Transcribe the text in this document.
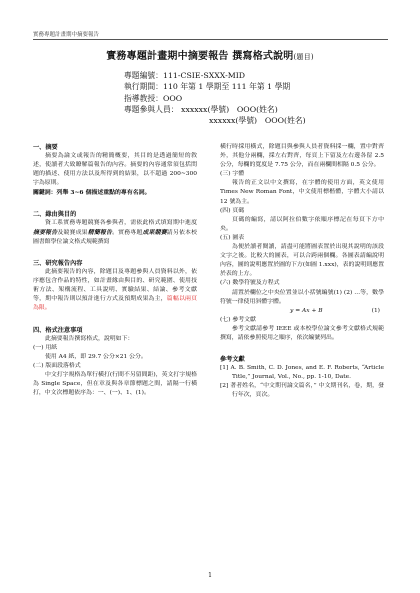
實務專題計畫期中摘要報告
實務專題計畫期中摘要報告 撰寫格式說明(題目)
專題編號：111-CSIE-SXXX-MID
執行期間：110 年第 1 學期至 111 年第 1 學期
指導教授：OOO
專題參與人員： xxxxxx(學號)　OOO(姓名)
xxxxxx(學號)　OOO(姓名)

一、摘要

摘要為論文或報告的精簡概要，其目的是透過簡短的敘述，使讀者大致瞭解篇報告的內容。摘要的內容通常須包括問題的描述、使用方法以及所得到的結果，以不超過 200~300 字為原則。

關鍵詞：列舉 3~6 個描述重點的專有名詞。

二、緣由與目的

資工系實務專題競賽各參與者，需依此格式填寫期中進度摘要報告及競賽成果精簡報告。實務專題成果競賽請另依本校圖書館學位論文格式規範撰寫

三、研究報告內容

此摘要報告的內容，除題目及專題參與人員資料以外，依序應包含作品的特性，如計畫緣由與目的、研究範圍、使用技術方法、架構流程、工具說明、實驗結果、結論、參考文獻等，期中報告則以預計進行方式及預期成果為主，篇幅以兩頁為限。

四、格式注意事項

此摘要報告撰寫格式，說明如下：

(一) 用紙

使用 A4 紙，即 29.7 公分×21 公分。

(二) 版面段落格式

中文打字規格為單行橫打(行間不另留間距)，英文打字規格為 Single Space，但在章及與各章節標題之間，請隔一行橫打，中文次標題依序為：一、(一)、1、(1)。

橫行時採用橫式，除題目與參與人員者資料採一欄，置中對齊外，其他分兩欄，採左右對齊，每頁上下留及左右邊各留 2.5 公分，每欄的寬度是 7.75 公分，而在兩欄間相隔 0.5 公分。

(三) 字體

報告的正文以中文撰寫，在字體的使用方面，英文使用 Times New Roman Font，中文使用標楷體，字體大小請以 12 號為主。

(四) 頁碼

頁碼的編寫，請以阿拉伯數字依順序標記在每頁下方中央。

(五) 圖表

為便於讀者閱讀，請盡可能將圖表置於出現其說明的該段文字之後。比較大的圖表，可以合跨兩個欄。各圖表請編說明內容，圖的說明應置於圖的下方(如圖 1.xxx)，表的說明則應置於表的上方。

(六) 數學符號及方程式

請置於欄位之中央位置並以小括號編號(1) (2) …等，數學符號一律使用斜體字體。

y = Ax + B	(1)

(七) 參考文獻

參考文獻請參考 IEEE 或本校學位論文參考文獻格式規範撰寫，請依參照使用之順序，依次編號列出。

參考文獻

[1] A. B. Smith, C. D. Jones, and E. F. Roberts, “Article Title,” Journal, Vol., No., pp. 1-10, Date.

[2] 著者姓名，“中文期刊論文篇名，” 中文期刊名，卷，期，發行年次，頁次。

1
